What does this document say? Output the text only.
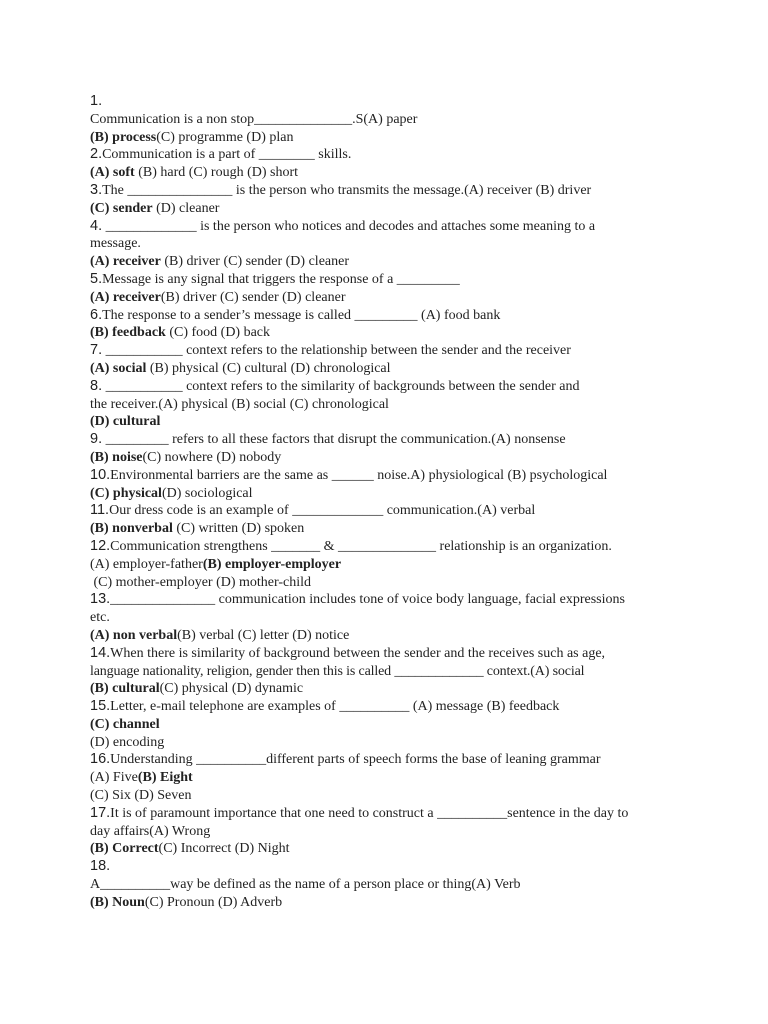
1.
Communication is a non stop______________.S(A) paper
(B) process(C) programme (D) plan
2.Communication is a part of ________ skills.
(A) soft (B) hard (C) rough (D) short
3.The _______________ is the person who transmits the message.(A) receiver (B) driver
(C) sender (D) cleaner
4. _____________ is the person who notices and decodes and attaches some meaning to a
message.
(A) receiver (B) driver (C) sender (D) cleaner
5.Message is any signal that triggers the response of a _________
(A) receiver(B) driver (C) sender (D) cleaner
6.The response to a sender’s message is called _________ (A) food bank
(B) feedback (C) food (D) back
7. ___________ context refers to the relationship between the sender and the receiver
(A) social (B) physical (C) cultural (D) chronological
8. ___________ context refers to the similarity of backgrounds between the sender and
the receiver.(A) physical (B) social (C) chronological
(D) cultural
9. _________ refers to all these factors that disrupt the communication.(A) nonsense
(B) noise(C) nowhere (D) nobody
10.Environmental barriers are the same as ______ noise.A) physiological (B) psychological
(C) physical(D) sociological
11.Our dress code is an example of _____________ communication.(A) verbal
(B) nonverbal (C) written (D) spoken
12.Communication strengthens _______ & ______________ relationship is an organization.
(A) employer-father(B) employer-employer
(C) mother-employer (D) mother-child
13._______________ communication includes tone of voice body language, facial expressions
etc.
(A) non verbal(B) verbal (C) letter (D) notice
14.When there is similarity of background between the sender and the receives such as age,
language nationality, religion, gender then this is called _____________ context.(A) social
(B) cultural(C) physical (D) dynamic
15.Letter, e-mail telephone are examples of __________ (A) message (B) feedback
(C) channel
(D) encoding
16.Understanding __________different parts of speech forms the base of leaning grammar
(A) Five(B) Eight
(C) Six (D) Seven
17.It is of paramount importance that one need to construct a __________sentence in the day to
day affairs(A) Wrong
(B) Correct(C) Incorrect (D) Night
18.
A__________way be defined as the name of a person place or thing(A) Verb
(B) Noun(C) Pronoun (D) Adverb
